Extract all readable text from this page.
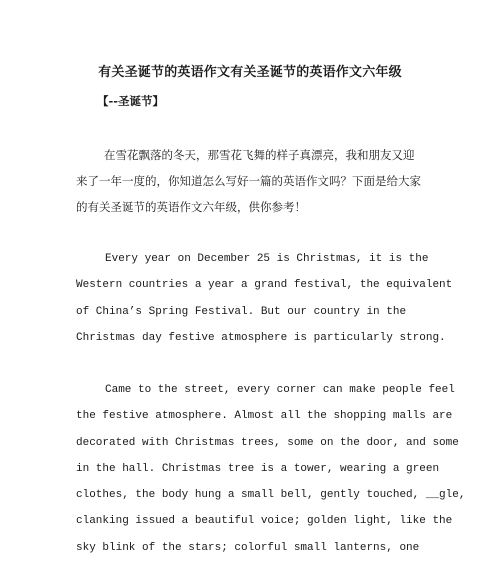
有关圣诞节的英语作文有关圣诞节的英语作文六年级
【--圣诞节】
在雪花飘落的冬天，那雪花飞舞的样子真漂亮，我和朋友又迎
来了一年一度的，你知道怎么写好一篇的英语作文吗？下面是给大家
的有关圣诞节的英语作文六年级，供你参考！
Every year on December 25 is Christmas, it is the
Western countries a year a grand festival, the equivalent
of China’s Spring Festival. But our country in the
Christmas day festive atmosphere is particularly strong.
Came to the street, every corner can make people feel
the festive atmosphere. Almost all the shopping malls are
decorated with Christmas trees, some on the door, and some
in the hall. Christmas tree is a tower, wearing a green
clothes, the body hung a small bell, gently touched, __gle,
clanking issued a beautiful voice; golden light, like the
sky blink of the stars; colorful small lanterns, one
